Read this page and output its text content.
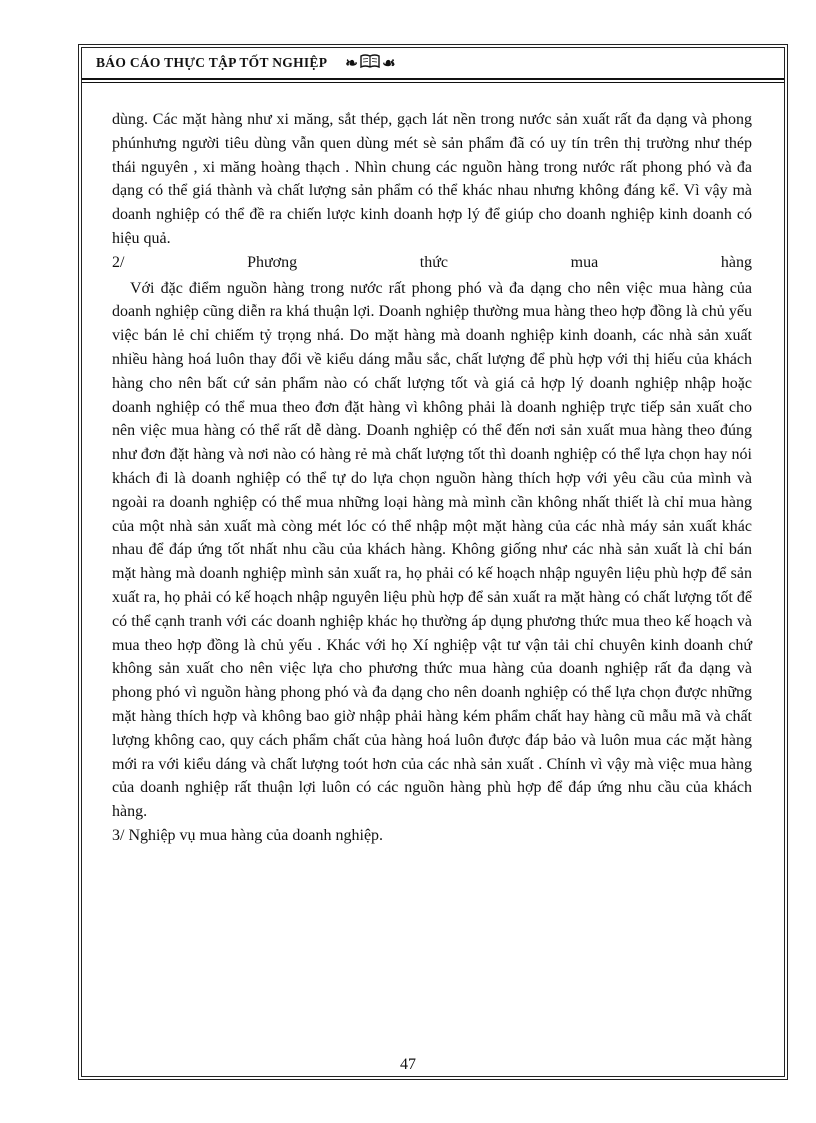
BÁO CÁO THỰC TẬP TỐT NGHIỆP ❧ ☙

dùng. Các mặt hàng như xi măng, sắt thép, gạch lát nền trong nước sản xuất rất đa dạng và phong phúnhưng người tiêu dùng vẫn quen dùng mét sè sản phẩm đã có uy tín trên thị trường như thép thái nguyên , xi măng hoàng thạch . Nhìn chung các nguồn hàng trong nước rất phong phó và đa dạng có thể giá thành và chất lượng sản phẩm có thể khác nhau nhưng không đáng kể. Vì vậy mà doanh nghiệp có thể đề ra chiến lược kinh doanh hợp lý để giúp cho doanh nghiệp kinh doanh có hiệu quả.

2/	Phương	thức	mua	hàng

Với đặc điểm nguồn hàng trong nước rất phong phó và đa dạng cho nên việc mua hàng của doanh nghiệp cũng diễn ra khá thuận lợi. Doanh nghiệp thường mua hàng theo hợp đồng là chủ yếu việc bán lẻ chỉ chiếm tỷ trọng nhá. Do mặt hàng mà doanh nghiệp kinh doanh, các nhà sản xuất nhiều hàng hoá luôn thay đổi về kiểu dáng mẫu sắc, chất lượng để phù hợp với thị hiếu của khách hàng cho nên bất cứ sản phẩm nào có chất lượng tốt và giá cả hợp lý doanh nghiệp nhập hoặc doanh nghiệp có thể mua theo đơn đặt hàng vì không phải là doanh nghiệp trực tiếp sản xuất cho nên việc mua hàng có thể rất dễ dàng. Doanh nghiệp có thể đến nơi sản xuất mua hàng theo đúng như đơn đặt hàng và nơi nào có hàng rẻ mà chất lượng tốt thì doanh nghiệp có thể lựa chọn hay nói khách đi là doanh nghiệp có thể tự do lựa chọn nguồn hàng thích hợp với yêu cầu của mình và ngoài ra doanh nghiệp có thể mua những loại hàng mà mình cần không nhất thiết là chỉ mua hàng của một nhà sản xuất mà còng mét lóc có thể nhập một mặt hàng của các nhà máy sản xuất khác nhau để đáp ứng tốt nhất nhu cầu của khách hàng. Không giống như các nhà sản xuất là chỉ bán mặt hàng mà doanh nghiệp mình sản xuất ra, họ phải có kế hoạch nhập nguyên liệu phù hợp để sản xuất ra, họ phải có kế hoạch nhập nguyên liệu phù hợp để sản xuất ra mặt hàng có chất lượng tốt để có thể cạnh tranh với các doanh nghiệp khác họ thường áp dụng phương thức mua theo kế hoạch và mua theo hợp đồng là chủ yếu . Khác với họ Xí nghiệp vật tư vận tải chỉ chuyên kinh doanh chứ không sản xuất cho nên việc lựa cho phương thức mua hàng của doanh nghiệp rất đa dạng và phong phó vì nguồn hàng phong phó và đa dạng cho nên doanh nghiệp có thể lựa chọn được những mặt hàng thích hợp và không bao giờ nhập phải hàng kém phẩm chất hay hàng cũ mẫu mã và chất lượng không cao, quy cách phẩm chất của hàng hoá luôn được đáp bảo và luôn mua các mặt hàng mới ra với kiểu dáng và chất lượng toót hơn của các nhà sản xuất . Chính vì vậy mà việc mua hàng của doanh nghiệp rất thuận lợi luôn có các nguồn hàng phù hợp để đáp ứng nhu cầu của khách hàng.

3/ Nghiệp vụ mua hàng của doanh nghiệp.

47
